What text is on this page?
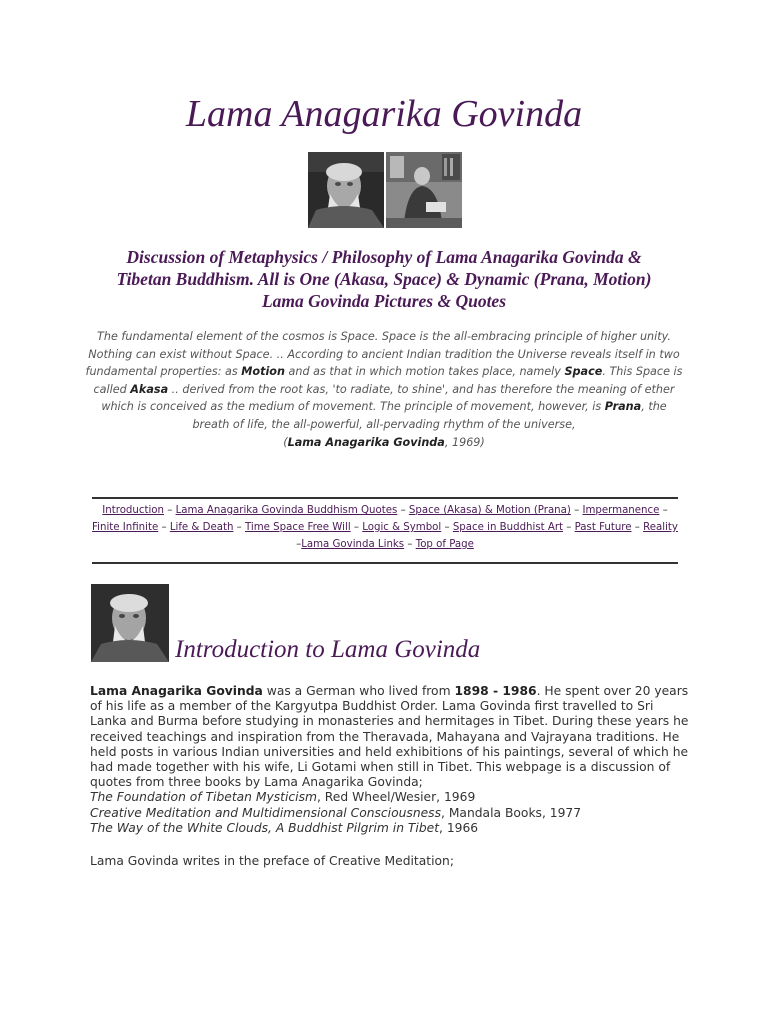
Lama Anagarika Govinda
Discussion of Metaphysics / Philosophy of Lama Anagarika Govinda &
Tibetan Buddhism. All is One (Akasa, Space) & Dynamic (Prana, Motion)
Lama Govinda Pictures & Quotes

The fundamental element of the cosmos is Space. Space is the all-embracing principle of higher unity. Nothing can exist without Space. .. According to ancient Indian tradition the Universe reveals itself in two fundamental properties: as Motion and as that in which motion takes place, namely Space. This Space is called Akasa .. derived from the root kas, 'to radiate, to shine', and has therefore the meaning of ether which is conceived as the medium of movement. The principle of movement, however, is Prana, the breath of life, the all-powerful, all-pervading rhythm of the universe,
(Lama Anagarika Govinda, 1969)

Introduction – Lama Anagarika Govinda Buddhism Quotes – Space (Akasa) & Motion (Prana) – Impermanence – Finite Infinite – Life & Death – Time Space Free Will – Logic & Symbol – Space in Buddhist Art – Past Future – Reality –Lama Govinda Links – Top of Page
Introduction to Lama Govinda

Lama Anagarika Govinda was a German who lived from 1898 - 1986. He spent over 20 years of his life as a member of the Kargyutpa Buddhist Order. Lama Govinda first travelled to Sri Lanka and Burma before studying in monasteries and hermitages in Tibet. During these years he received teachings and inspiration from the Theravada, Mahayana and Vajrayana traditions. He held posts in various Indian universities and held exhibitions of his paintings, several of which he had made together with his wife, Li Gotami when still in Tibet. This webpage is a discussion of quotes from three books by Lama Anagarika Govinda;
The Foundation of Tibetan Mysticism, Red Wheel/Wesier, 1969
Creative Meditation and Multidimensional Consciousness, Mandala Books, 1977
The Way of the White Clouds, A Buddhist Pilgrim in Tibet, 1966

Lama Govinda writes in the preface of Creative Meditation;
